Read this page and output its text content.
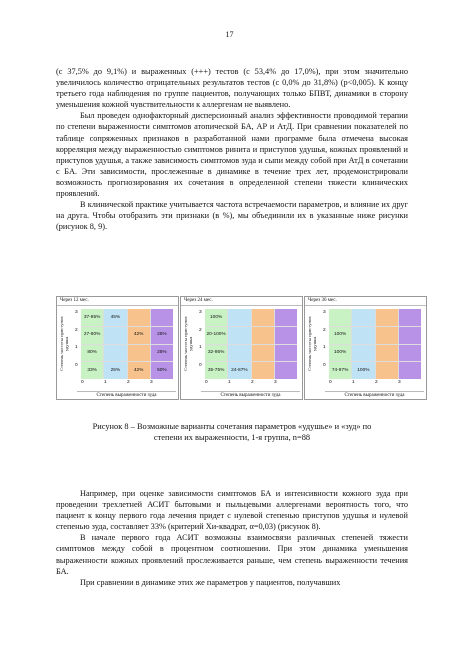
17

(с 37,5% до 9,1%) и выраженных (+++) тестов (с 53,4% до 17,0%), при этом значительно увеличилось количество отрицательных результатов тестов (с 0,0% до 31,8%) (p<0,005). К концу третьего года наблюдения по группе пациентов, получающих только БПВТ, динамики в сторону уменьшения кожной чувствительности к аллергенам не выявлено.

Был проведен однофакторный дисперсионный анализ эффективности проводимой терапии по степени выраженности симптомов атопической БА, АР и АтД. При сравнении показателей по таблице сопряженных признаков в разработанной нами программе была отмечена высокая корреляция между выраженностью симптомов ринита и приступов удушья, кожных проявлений и приступов удушья, а также зависимость симптомов зуда и сыпи между собой при АтД в сочетании с БА. Эти зависимости, прослеженные в динамике в течение трех лет, продемонстрировали возможность прогнозирования их сочетания в определенной степени тяжести клинических проявлений.

В клинической практике учитывается частота встречаемости параметров, и влияние их друг на друга. Чтобы отобразить эти признаки (в %), мы объединили их в указанные ниже рисунки (рисунок 8, 9).

Через 12 мес.
Степень частоты приступов удушья
37-85%	45%
27-80%	42%	25%
80%	25%
33%	25%	42%	50%
3
2
1
0
0	1	2	3
Степень выраженности зуда
Через 24 мес.
Степень частоты приступов удушья
100%
20-100%
32-95%
35-75%	24-87%
3
2
1
0
0	1	2	3
Степень выраженности зуда
Через 36 мес.
Степень частоты приступов удушья
100%
100%
74-97%	100%
3
2
1
0
0	1	2	3
Степень выраженности зуда
Рисунок 8 – Возможные варианты сочетания параметров «удушье» и «зуд» по
степени их выраженности, 1-я группа, n=88

Например, при оценке зависимости симптомов БА и интенсивности кожного зуда при проведении трехлетней АСИТ бытовыми и пыльцевыми аллергенами вероятность того, что пациент к концу первого года лечения придет с нулевой степенью приступов удушья и нулевой степенью зуда, составляет 33% (критерий Хи-квадрат, α=0,03) (рисунок 8).

В начале первого года АСИТ возможны взаимосвязи различных степеней тяжести симптомов между собой в процентном соотношении. При этом динамика уменьшения выраженности кожных проявлений прослеживается раньше, чем степень выраженности течения БА.

При сравнении в динамике этих же параметров у пациентов, получавших
